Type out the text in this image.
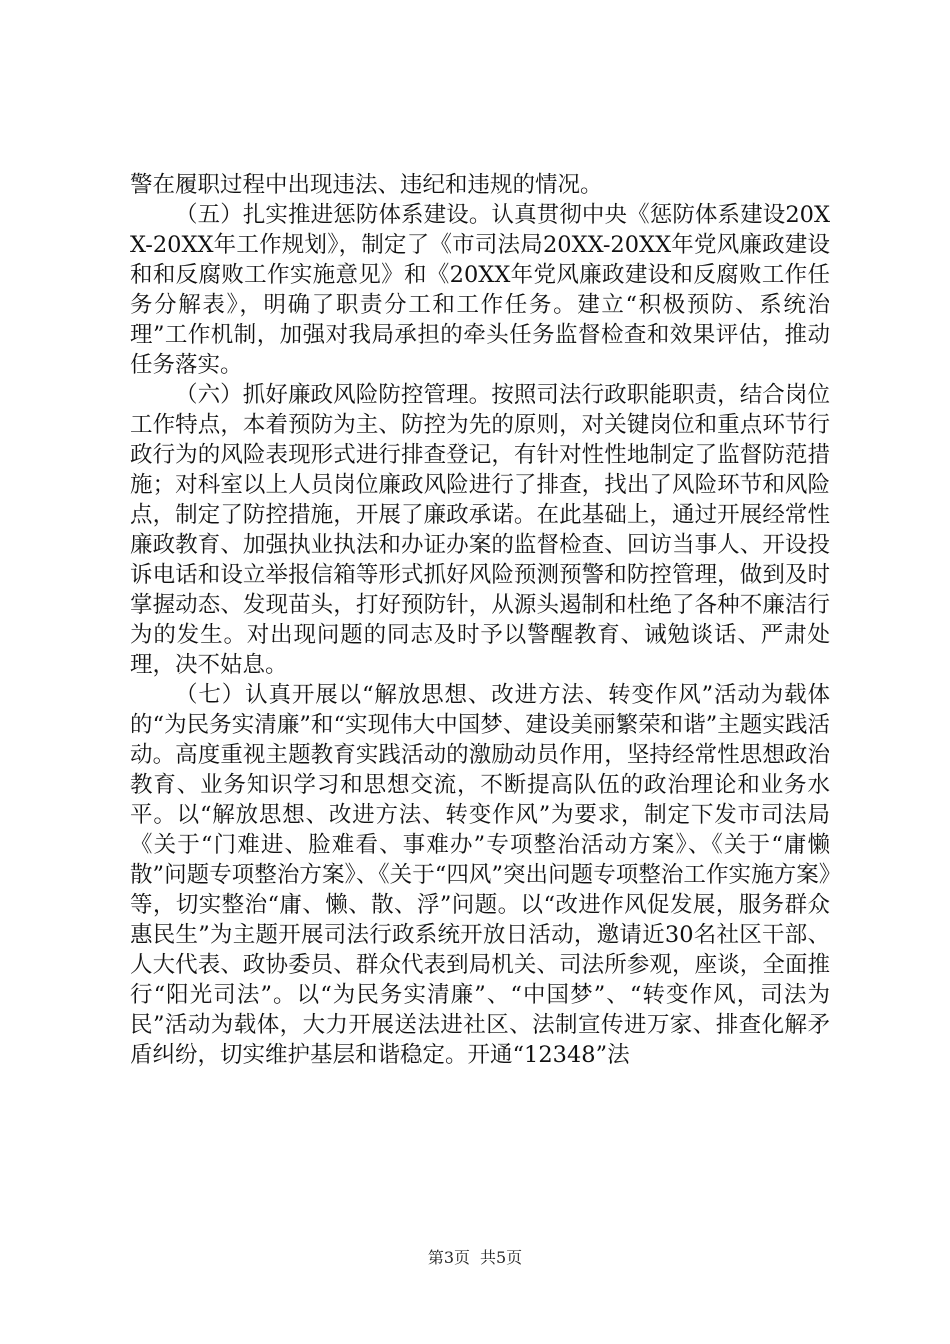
警在履职过程中出现违法、违纪和违规的情况。

（五）扎实推进惩防体系建设。认真贯彻中央《惩防体系建设20XX-20XX年工作规划》，制定了《市司法局20XX-20XX年党风廉政建设和和反腐败工作实施意见》和《20XX年党风廉政建设和反腐败工作任务分解表》，明确了职责分工和工作任务。建立“积极预防、系统治理”工作机制，加强对我局承担的牵头任务监督检查和效果评估，推动任务落实。

（六）抓好廉政风险防控管理。按照司法行政职能职责，结合岗位工作特点，本着预防为主、防控为先的原则，对关键岗位和重点环节行政行为的风险表现形式进行排查登记，有针对性性地制定了监督防范措施；对科室以上人员岗位廉政风险进行了排查，找出了风险环节和风险点，制定了防控措施，开展了廉政承诺。在此基础上，通过开展经常性廉政教育、加强执业执法和办证办案的监督检查、回访当事人、开设投诉电话和设立举报信箱等形式抓好风险预测预警和防控管理，做到及时掌握动态、发现苗头，打好预防针，从源头遏制和杜绝了各种不廉洁行为的发生。对出现问题的同志及时予以警醒教育、诫勉谈话、严肃处理，决不姑息。

（七）认真开展以“解放思想、改进方法、转变作风”活动为载体的“为民务实清廉”和“实现伟大中国梦、建设美丽繁荣和谐”主题实践活动。高度重视主题教育实践活动的激励动员作用，坚持经常性思想政治教育、业务知识学习和思想交流，不断提高队伍的政治理论和业务水平。以“解放思想、改进方法、转变作风”为要求，制定下发市司法局《关于“门难进、脸难看、事难办”专项整治活动方案》、《关于“庸懒散”问题专项整治方案》、《关于“四风”突出问题专项整治工作实施方案》等，切实整治“庸、懒、散、浮”问题。以“改进作风促发展，服务群众惠民生”为主题开展司法行政系统开放日活动，邀请近30名社区干部、人大代表、政协委员、群众代表到局机关、司法所参观，座谈，全面推行“阳光司法”。以“为民务实清廉”、“中国梦”、“转变作风，司法为民”活动为载体，大力开展送法进社区、法制宣传进万家、排查化解矛盾纠纷，切实维护基层和谐稳定。开通“12348”法

第3页 共5页
